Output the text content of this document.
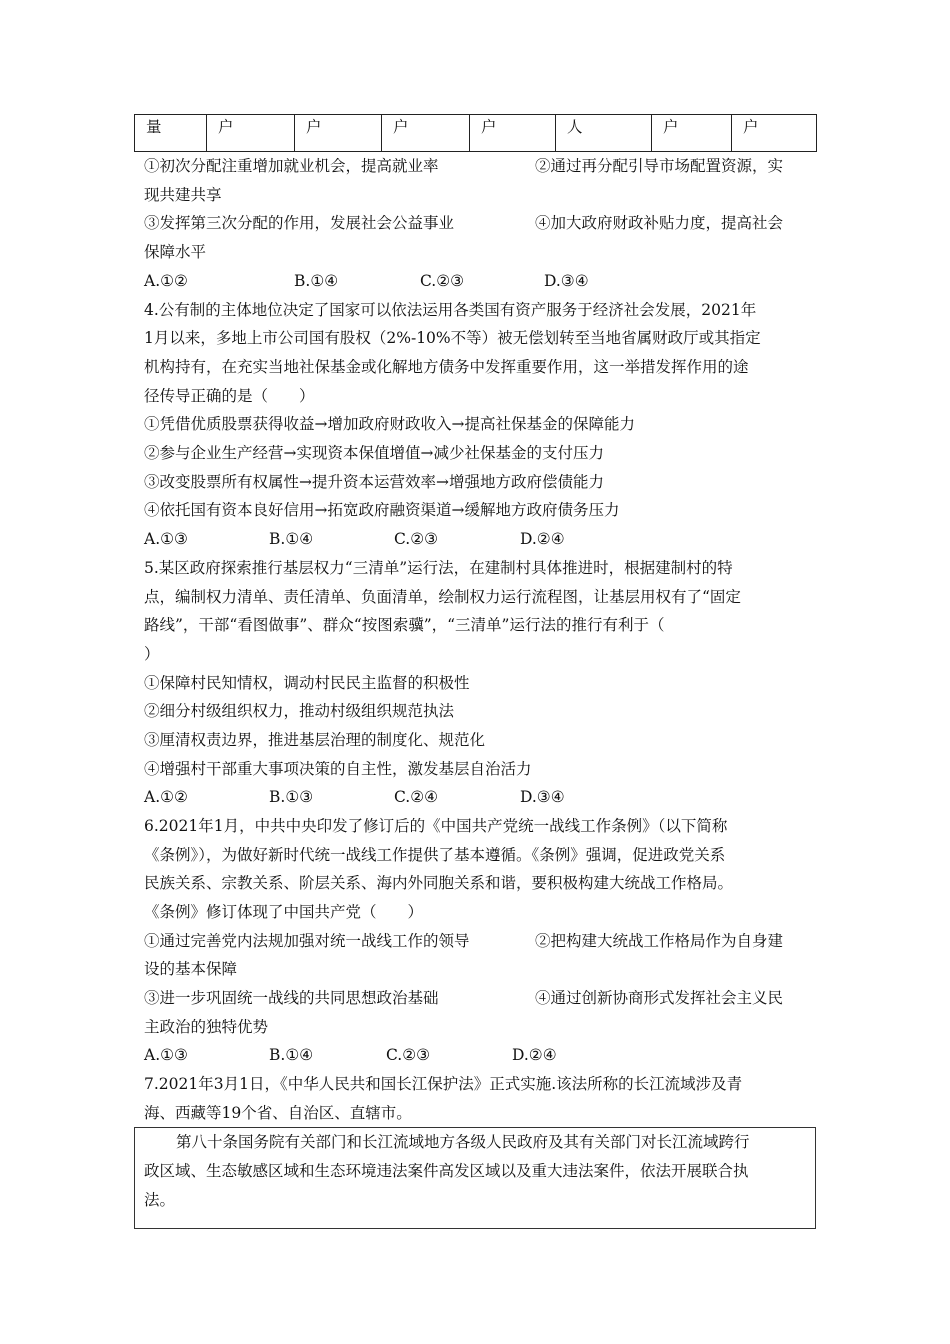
量	户	户	户	户	人	户	户
①初次分配注重增加就业机会，提高就业率	②通过再分配引导市场配置资源，实
现共建共享
③发挥第三次分配的作用，发展社会公益事业	④加大政府财政补贴力度，提高社会
保障水平
A.①②	B.①④	C.②③	D.③④
4.公有制的主体地位决定了国家可以依法运用各类国有资产服务于经济社会发展，2021年
1月以来，多地上市公司国有股权（2%-10%不等）被无偿划转至当地省属财政厅或其指定
机构持有，在充实当地社保基金或化解地方债务中发挥重要作用，这一举措发挥作用的途
径传导正确的是（　　）
①凭借优质股票获得收益→增加政府财政收入→提高社保基金的保障能力
②参与企业生产经营→实现资本保值增值→减少社保基金的支付压力
③改变股票所有权属性→提升资本运营效率→增强地方政府偿债能力
④依托国有资本良好信用→拓宽政府融资渠道→缓解地方政府债务压力
A.①③	B.①④	C.②③	D.②④
5.某区政府探索推行基层权力“三清单”运行法，在建制村具体推进时，根据建制村的特
点，编制权力清单、责任清单、负面清单，绘制权力运行流程图，让基层用权有了“固定
路线”，干部“看图做事”、群众“按图索骥”，“三清单”运行法的推行有利于（
）
①保障村民知情权，调动村民民主监督的积极性
②细分村级组织权力，推动村级组织规范执法
③厘清权责边界，推进基层治理的制度化、规范化
④增强村干部重大事项决策的自主性，激发基层自治活力
A.①②	B.①③	C.②④	D.③④
6.2021年1月，中共中央印发了修订后的《中国共产党统一战线工作条例》（以下简称
《条例》），为做好新时代统一战线工作提供了基本遵循。《条例》强调，促进政党关系
民族关系、宗教关系、阶层关系、海内外同胞关系和谐，要积极构建大统战工作格局。
《条例》修订体现了中国共产党（　　）
①通过完善党内法规加强对统一战线工作的领导	②把构建大统战工作格局作为自身建
设的基本保障
③进一步巩固统一战线的共同思想政治基础	④通过创新协商形式发挥社会主义民
主政治的独特优势
A.①③	B.①④	C.②③	D.②④
7.2021年3月1日，《中华人民共和国长江保护法》正式实施.该法所称的长江流域涉及青
海、西藏等19个省、自治区、直辖市。
第八十条国务院有关部门和长江流域地方各级人民政府及其有关部门对长江流域跨行
政区域、生态敏感区域和生态环境违法案件高发区域以及重大违法案件，依法开展联合执
法。
